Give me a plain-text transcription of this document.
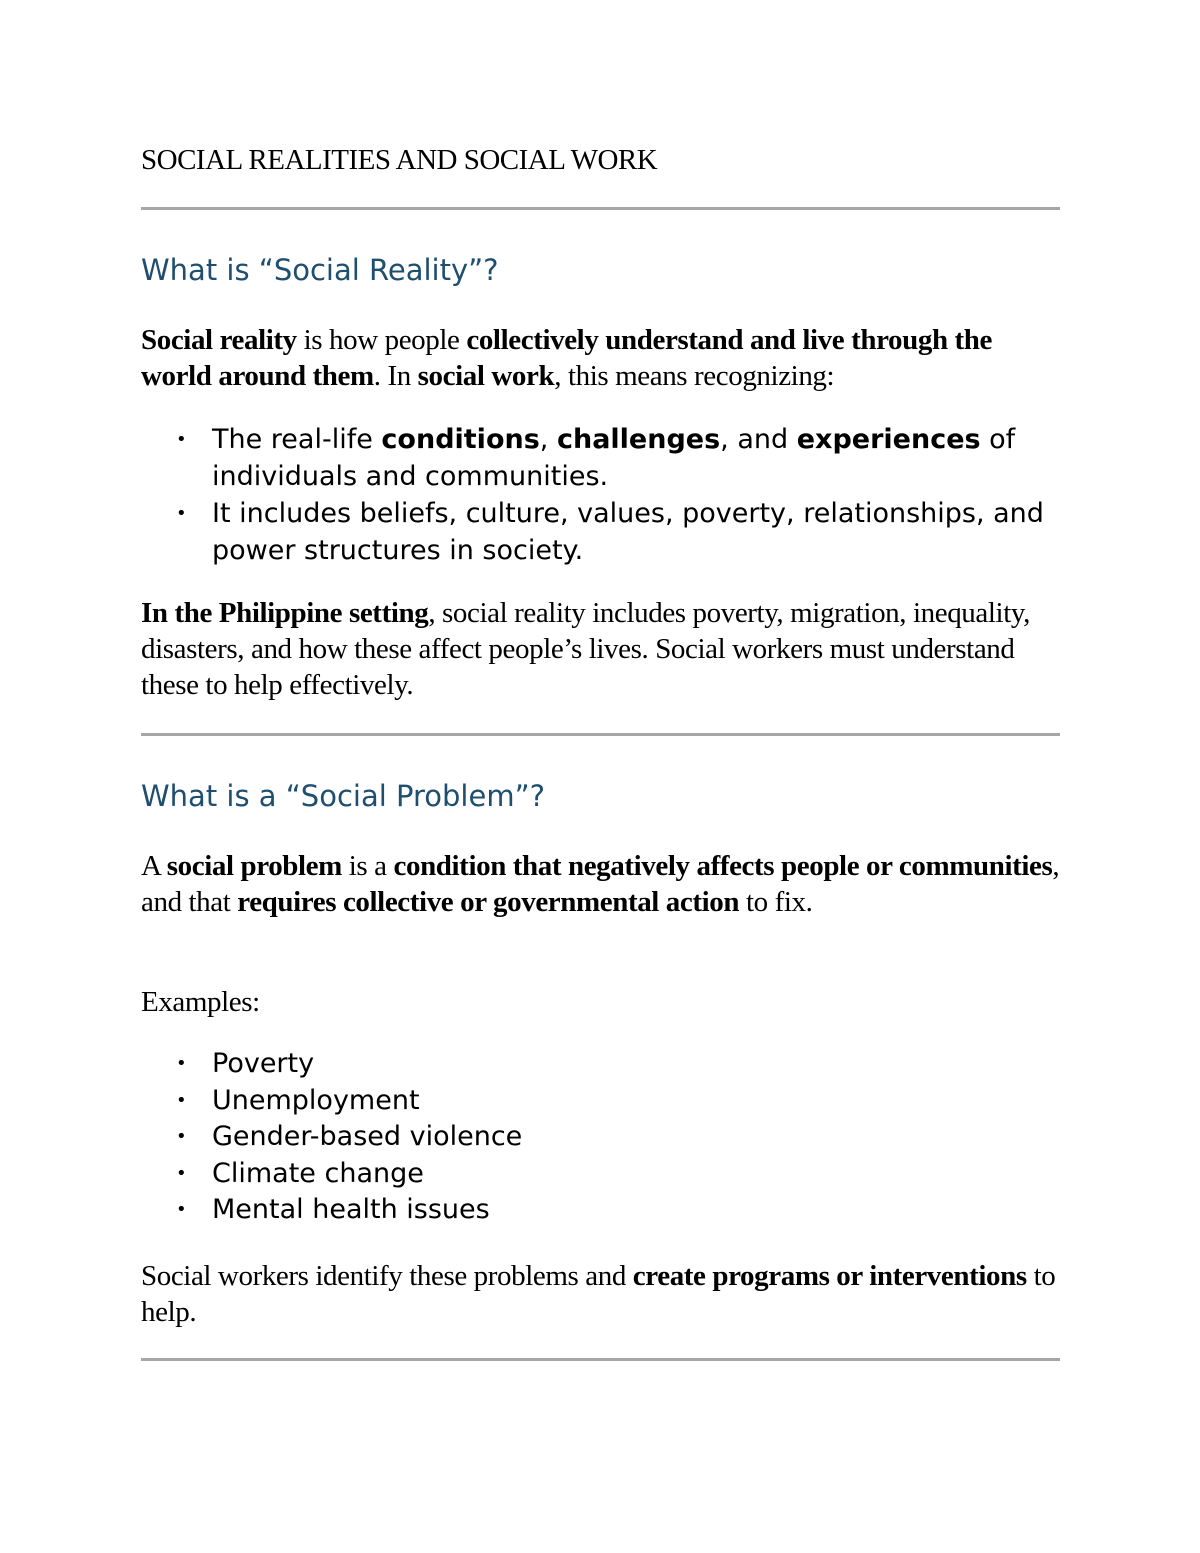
SOCIAL REALITIES AND SOCIAL WORK
What is “Social Reality”?

Social reality is how people collectively understand and live through the world around them. In social work, this means recognizing:

• The real-life conditions, challenges, and experiences of individuals and communities.
• It includes beliefs, culture, values, poverty, relationships, and power structures in society.

In the Philippine setting, social reality includes poverty, migration, inequality, disasters, and how these affect people’s lives. Social workers must understand these to help effectively.

What is a “Social Problem”?

A social problem is a condition that negatively affects people or communities, and that requires collective or governmental action to fix.

Examples:

• Poverty
• Unemployment
• Gender-based violence
• Climate change
• Mental health issues

Social workers identify these problems and create programs or interventions to help.
